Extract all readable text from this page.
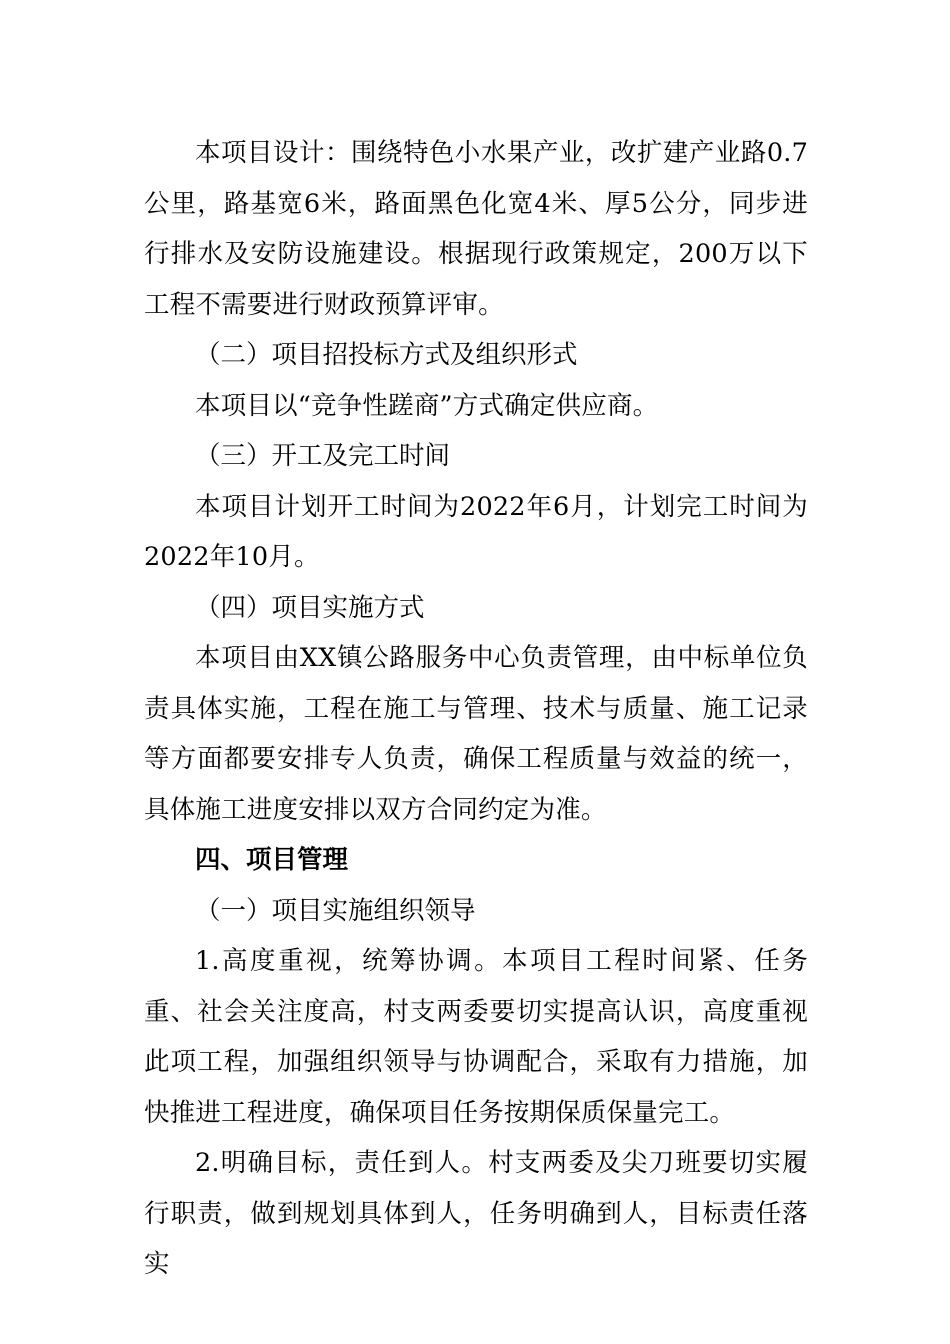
本项目设计：围绕特色小水果产业，改扩建产业路0.7公里，路基宽6米，路面黑色化宽4米、厚5公分，同步进行排水及安防设施建设。根据现行政策规定，200万以下工程不需要进行财政预算评审。

（二）项目招投标方式及组织形式

本项目以“竞争性蹉商”方式确定供应商。

（三）开工及完工时间

本项目计划开工时间为2022年6月，计划完工时间为2022年10月。

（四）项目实施方式

本项目由XX镇公路服务中心负责管理，由中标单位负责具体实施，工程在施工与管理、技术与质量、施工记录等方面都要安排专人负责，确保工程质量与效益的统一，具体施工进度安排以双方合同约定为准。

四、项目管理

（一）项目实施组织领导

1.高度重视，统筹协调。本项目工程时间紧、任务重、社会关注度高，村支两委要切实提高认识，高度重视此项工程，加强组织领导与协调配合，采取有力措施，加快推进工程进度，确保项目任务按期保质保量完工。

2.明确目标，责任到人。村支两委及尖刀班要切实履行职责，做到规划具体到人，任务明确到人，目标责任落实
